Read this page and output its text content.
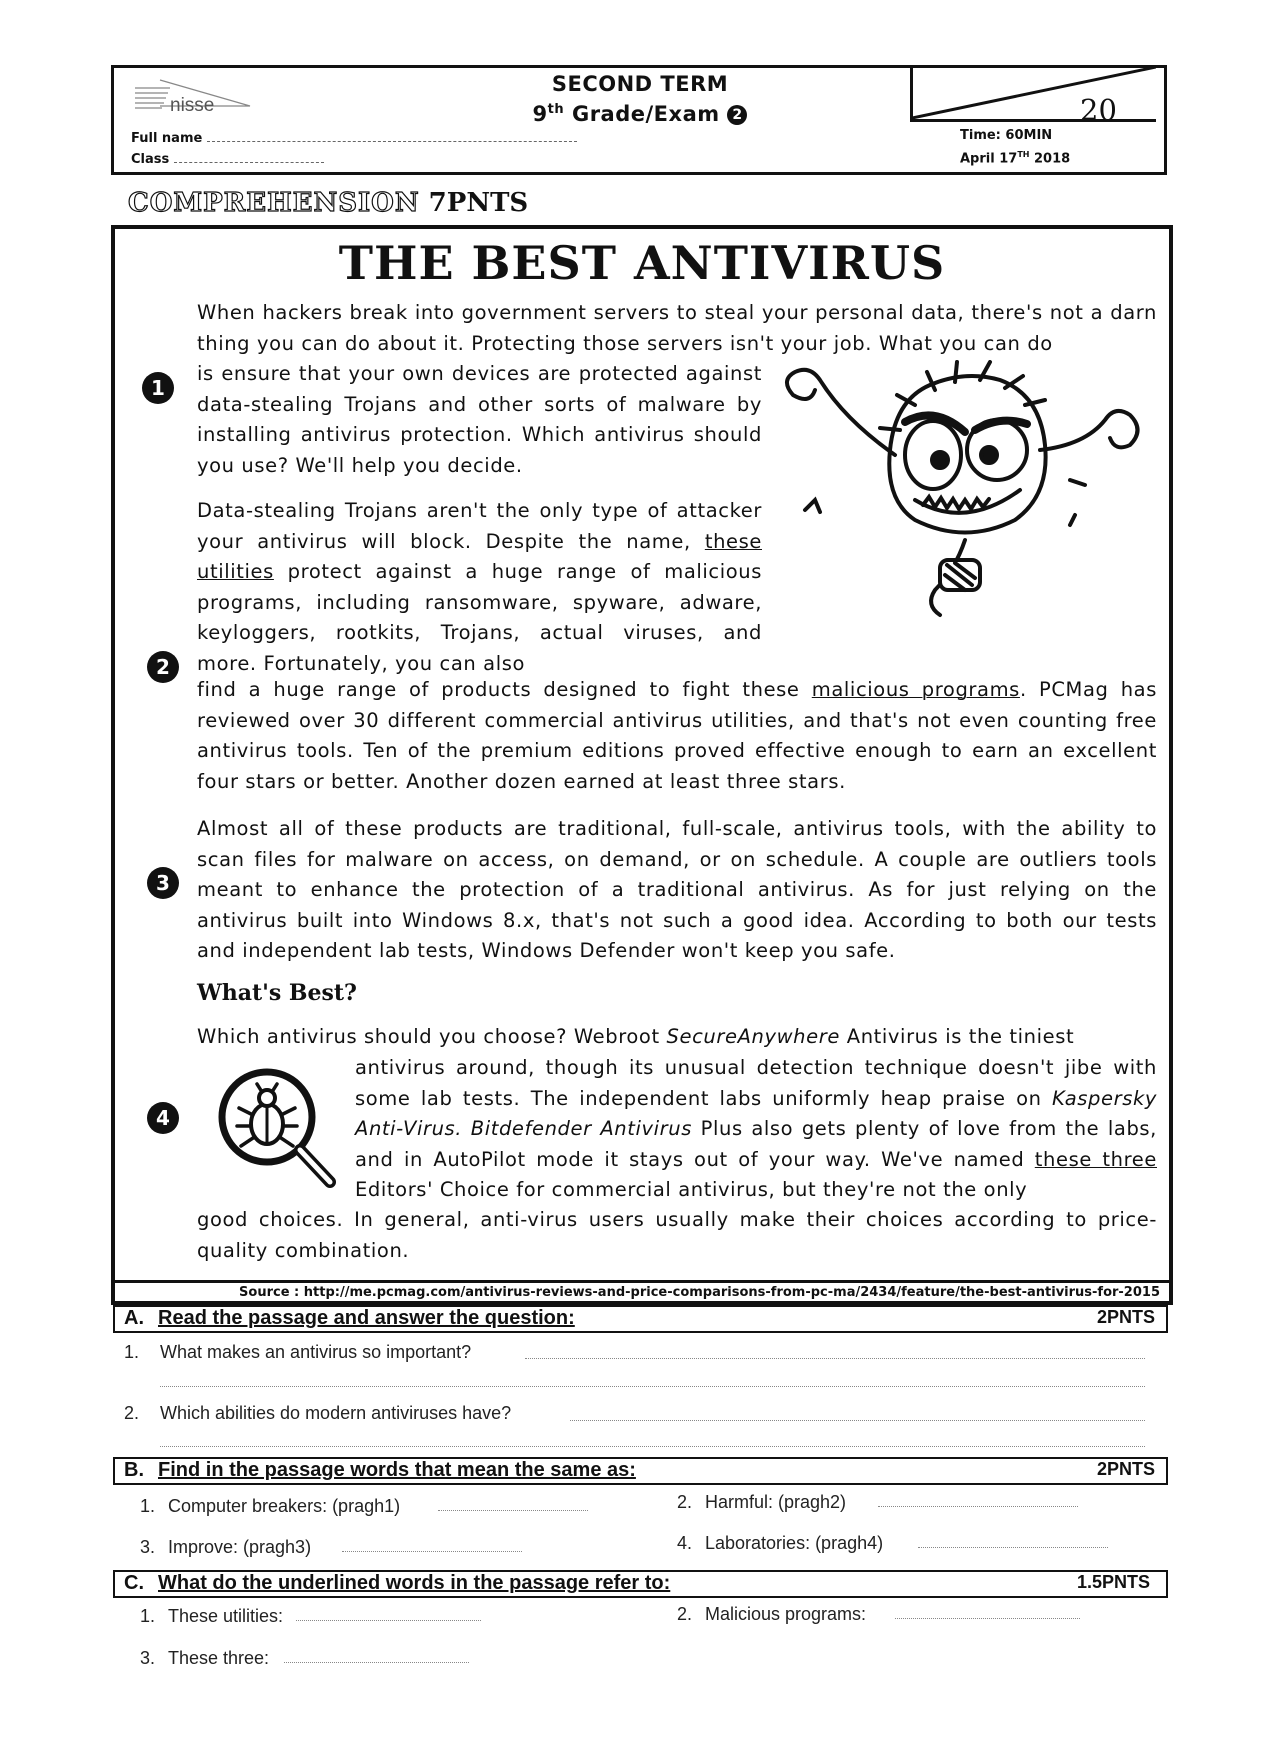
nisse
SECOND TERM
9th Grade/Exam 2
Full name
Class
20
Time: 60MIN
April 17TH 2018
COMPREHENSION 7PNTS
THE BEST ANTIVIRUS
When hackers break into government servers to steal your personal data, there's not a darn thing you can do about it. Protecting those servers isn't your job. What you can do
is ensure that your own devices are protected against data-stealing Trojans and other sorts of malware by installing antivirus protection. Which antivirus should you use? We'll help you decide.
1
Data-stealing Trojans aren't the only type of attacker your antivirus will block. Despite the name, these utilities protect against a huge range of malicious programs, including ransomware, spyware, adware, keyloggers, rootkits, Trojans, actual viruses, and more. Fortunately, you can also
2
find a huge range of products designed to fight these malicious programs. PCMag has reviewed over 30 different commercial antivirus utilities, and that's not even counting free antivirus tools. Ten of the premium editions proved effective enough to earn an excellent four stars or better. Another dozen earned at least three stars.
Almost all of these products are traditional, full-scale, antivirus tools, with the ability to scan files for malware on access, on demand, or on schedule. A couple are outliers tools meant to enhance the protection of a traditional antivirus. As for just relying on the antivirus built into Windows 8.x, that's not such a good idea. According to both our tests and independent lab tests, Windows Defender won't keep you safe.
3
What's Best?
Which antivirus should you choose? Webroot SecureAnywhere Antivirus is the tiniest
4
antivirus around, though its unusual detection technique doesn't jibe with some lab tests. The independent labs uniformly heap praise on Kaspersky Anti-Virus. Bitdefender Antivirus Plus also gets plenty of love from the labs, and in AutoPilot mode it stays out of your way. We've named these three Editors' Choice for commercial antivirus, but they're not the only
good choices. In general, anti-virus users usually make their choices according to price-quality combination.
Source : http://me.pcmag.com/antivirus-reviews-and-price-comparisons-from-pc-ma/2434/feature/the-best-antivirus-for-2015
A. Read the passage and answer the question:	2PNTS
1. What makes an antivirus so important?
2. Which abilities do modern antiviruses have?
B. Find in the passage words that mean the same as:	2PNTS
1. Computer breakers: (pragh1)	2. Harmful: (pragh2)
3. Improve: (pragh3)	4. Laboratories: (pragh4)
C. What do the underlined words in the passage refer to:	1.5PNTS
1. These utilities:	2. Malicious programs:
3. These three:
